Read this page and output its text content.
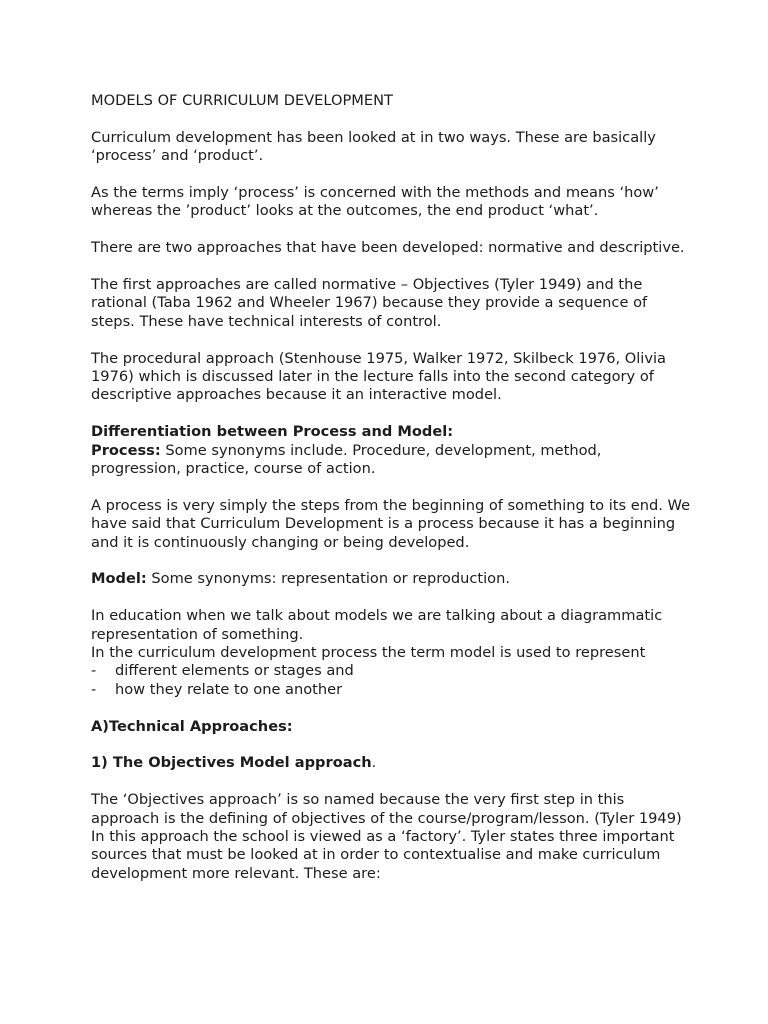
MODELS OF CURRICULUM DEVELOPMENT

Curriculum development has been looked at in two ways. These are basically ‘process’ and ‘product’.

As the terms imply ‘process’ is concerned with the methods and means ‘how’ whereas the ’product’ looks at the outcomes, the end product ‘what’.

There are two approaches that have been developed: normative and descriptive.

The first approaches are called normative – Objectives (Tyler 1949) and the rational (Taba 1962 and Wheeler 1967) because they provide a sequence of steps. These have technical interests of control.

The procedural approach (Stenhouse 1975, Walker 1972, Skilbeck 1976, Olivia 1976) which is discussed later in the lecture falls into the second category of descriptive approaches because it an interactive model.

Differentiation between Process and Model:

Process: Some synonyms include. Procedure, development, method, progression, practice, course of action.

A process is very simply the steps from the beginning of something to its end. We have said that Curriculum Development is a process because it has a beginning and it is continuously changing or being developed.

Model: Some synonyms: representation or reproduction.

In education when we talk about models we are talking about a diagrammatic representation of something.

In the curriculum development process the term model is used to represent

- different elements or stages and
- how they relate to one another

A)Technical Approaches:

1) The Objectives Model approach.

The ‘Objectives approach’ is so named because the very first step in this approach is the defining of objectives of the course/program/lesson. (Tyler 1949) In this approach the school is viewed as a ‘factory’. Tyler states three important sources that must be looked at in order to contextualise and make curriculum development more relevant. These are:
